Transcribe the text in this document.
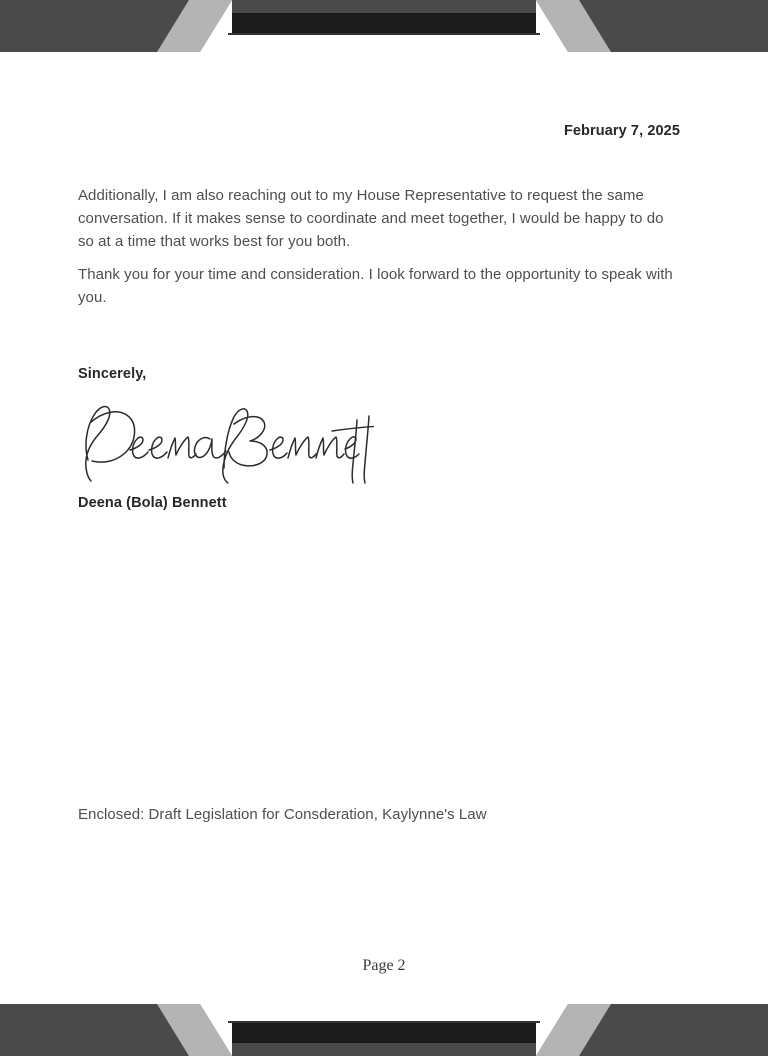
February 7, 2025

Additionally, I am also reaching out to my House Representative to request the same conversation. If it makes sense to coordinate and meet together, I would be happy to do so at a time that works best for you both.

Thank you for your time and consideration. I look forward to the opportunity to speak with you.

Sincerely,
Deena (Bola) Bennett
Enclosed: Draft Legislation for Consderation, Kaylynne's Law
Page 2
